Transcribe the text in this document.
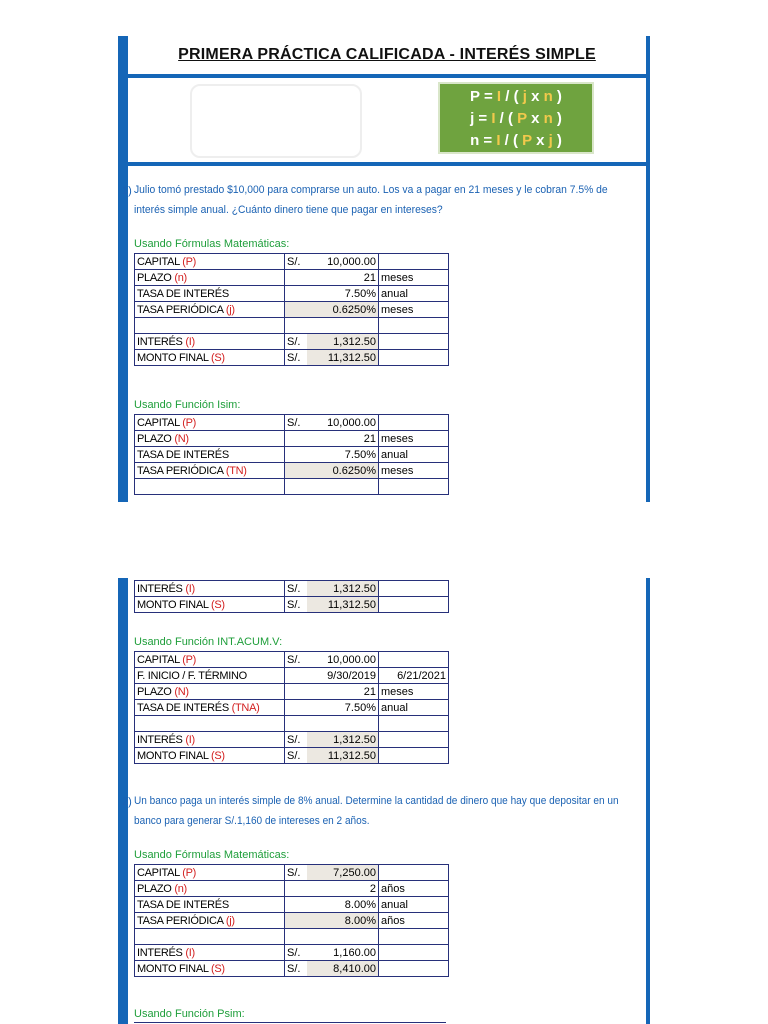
PRIMERA PRÁCTICA CALIFICADA - INTERÉS SIMPLE
P = I / ( j x n )
j = I / ( P x n )
n = I / ( P x j )
1) Julio tomó prestado $10,000 para comprarse un auto. Los va a pagar en 21 meses y le cobran 7.5% de
interés simple anual. ¿Cuánto dinero tiene que pagar en intereses?
Usando Fórmulas Matemáticas:
CAPITAL (P)	S/.	10,000.00	
PLAZO (n)	21		meses
TASA DE INTERÉS	7.50%		anual
TASA PERIÓDICA (j)	0.6250%		meses

INTERÉS (I)	S/.	1,312.50	
MONTO FINAL (S)	S/.	11,312.50	
Usando Función Isim:
CAPITAL (P)	S/.	10,000.00	
PLAZO (N)	21		meses
TASA DE INTERÉS	7.50%		anual
TASA PERIÓDICA (TN)	0.6250%		meses

INTERÉS (I)	S/.	1,312.50	
MONTO FINAL (S)	S/.	11,312.50	
Usando Función INT.ACUM.V:
CAPITAL (P)	S/.	10,000.00	
F. INICIO / F. TÉRMINO	9/30/2019		6/21/2021
PLAZO (N)	21		meses
TASA DE INTERÉS (TNA)	7.50%		anual

INTERÉS (I)	S/.	1,312.50	
MONTO FINAL (S)	S/.	11,312.50	
2) Un banco paga un interés simple de 8% anual. Determine la cantidad de dinero que hay que depositar en un
banco para generar S/.1,160 de intereses en 2 años.
Usando Fórmulas Matemáticas:
CAPITAL (P)	S/.	7,250.00	
PLAZO (n)	2		años
TASA DE INTERÉS	8.00%		anual
TASA PERIÓDICA (j)	8.00%		años

INTERÉS (I)	S/.	1,160.00	
MONTO FINAL (S)	S/.	8,410.00	
Usando Función Psim:
